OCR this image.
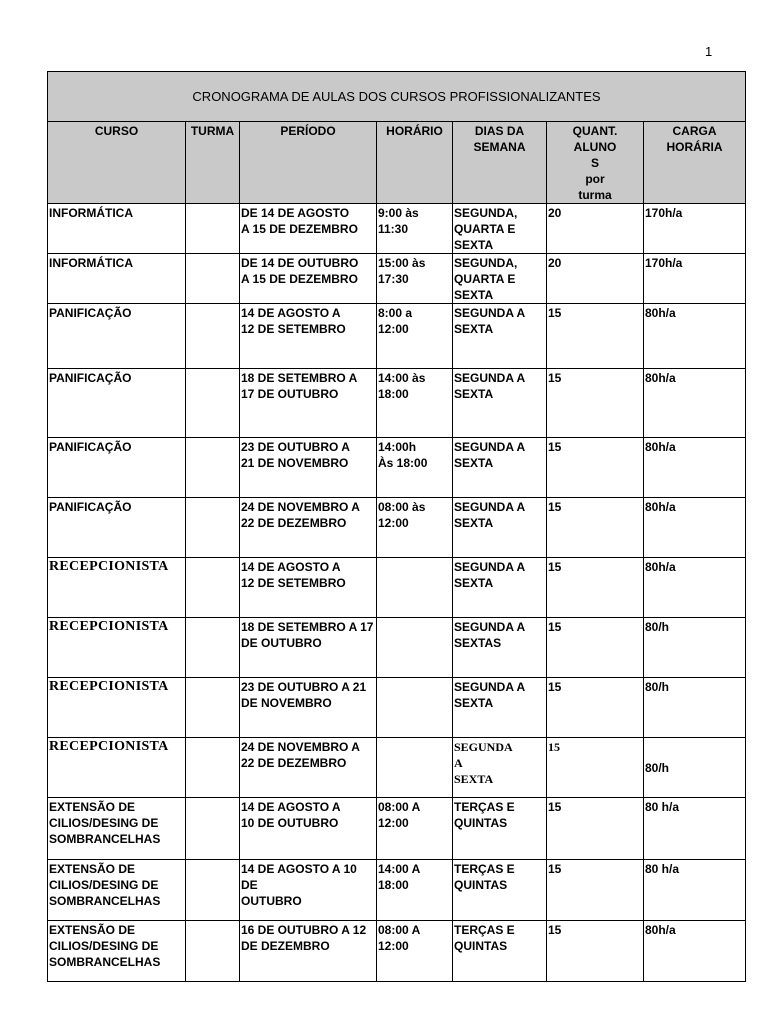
1
CRONOGRAMA DE AULAS DOS CURSOS PROFISSIONALIZANTES						
CURSO	TURMA	PERÍODO	HORÁRIO	DIAS DA
SEMANA	QUANT.
ALUNO
S
por
turma	CARGA
HORÁRIA
INFORMÁTICA		DE 14 DE AGOSTO
A 15 DE DEZEMBRO	9:00 às
11:30	SEGUNDA,
QUARTA E
SEXTA	20	170h/a
INFORMÁTICA		DE 14 DE OUTUBRO
A 15 DE DEZEMBRO	15:00 às
17:30	SEGUNDA,
QUARTA E
SEXTA	20	170h/a
PANIFICAÇÃO		14 DE AGOSTO A
12 DE SETEMBRO	8:00 a
12:00	SEGUNDA A
SEXTA	15	80h/a
PANIFICAÇÃO		18 DE SETEMBRO A
17 DE OUTUBRO	14:00 às
18:00	SEGUNDA A
SEXTA	15	80h/a
PANIFICAÇÃO		23 DE OUTUBRO A
21 DE NOVEMBRO	14:00h
Às 18:00	SEGUNDA A
SEXTA	15	80h/a
PANIFICAÇÃO		24 DE NOVEMBRO A
22 DE DEZEMBRO	08:00 às
12:00	SEGUNDA A
SEXTA	15	80h/a
RECEPCIONISTA		14 DE AGOSTO A
12 DE SETEMBRO		SEGUNDA A
SEXTA	15	80h/a
RECEPCIONISTA		18 DE SETEMBRO A 17
DE OUTUBRO		SEGUNDA A
SEXTAS	15	80/h
RECEPCIONISTA		23 DE OUTUBRO A 21
DE NOVEMBRO		SEGUNDA A
SEXTA	15	80/h
RECEPCIONISTA		24 DE NOVEMBRO A
22 DE DEZEMBRO		SEGUNDA
A
SEXTA	15	80/h
EXTENSÃO DE
CILIOS/DESING DE
SOMBRANCELHAS		14 DE AGOSTO A
10 DE OUTUBRO	08:00 A
12:00	TERÇAS E
QUINTAS	15	80 h/a
EXTENSÃO DE
CILIOS/DESING DE
SOMBRANCELHAS		14 DE AGOSTO A 10 DE
OUTUBRO	14:00 A
18:00	TERÇAS E
QUINTAS	15	80 h/a
EXTENSÃO DE
CILIOS/DESING DE
SOMBRANCELHAS		16 DE OUTUBRO A 12
DE DEZEMBRO	08:00 A
12:00	TERÇAS E
QUINTAS	15	80h/a
